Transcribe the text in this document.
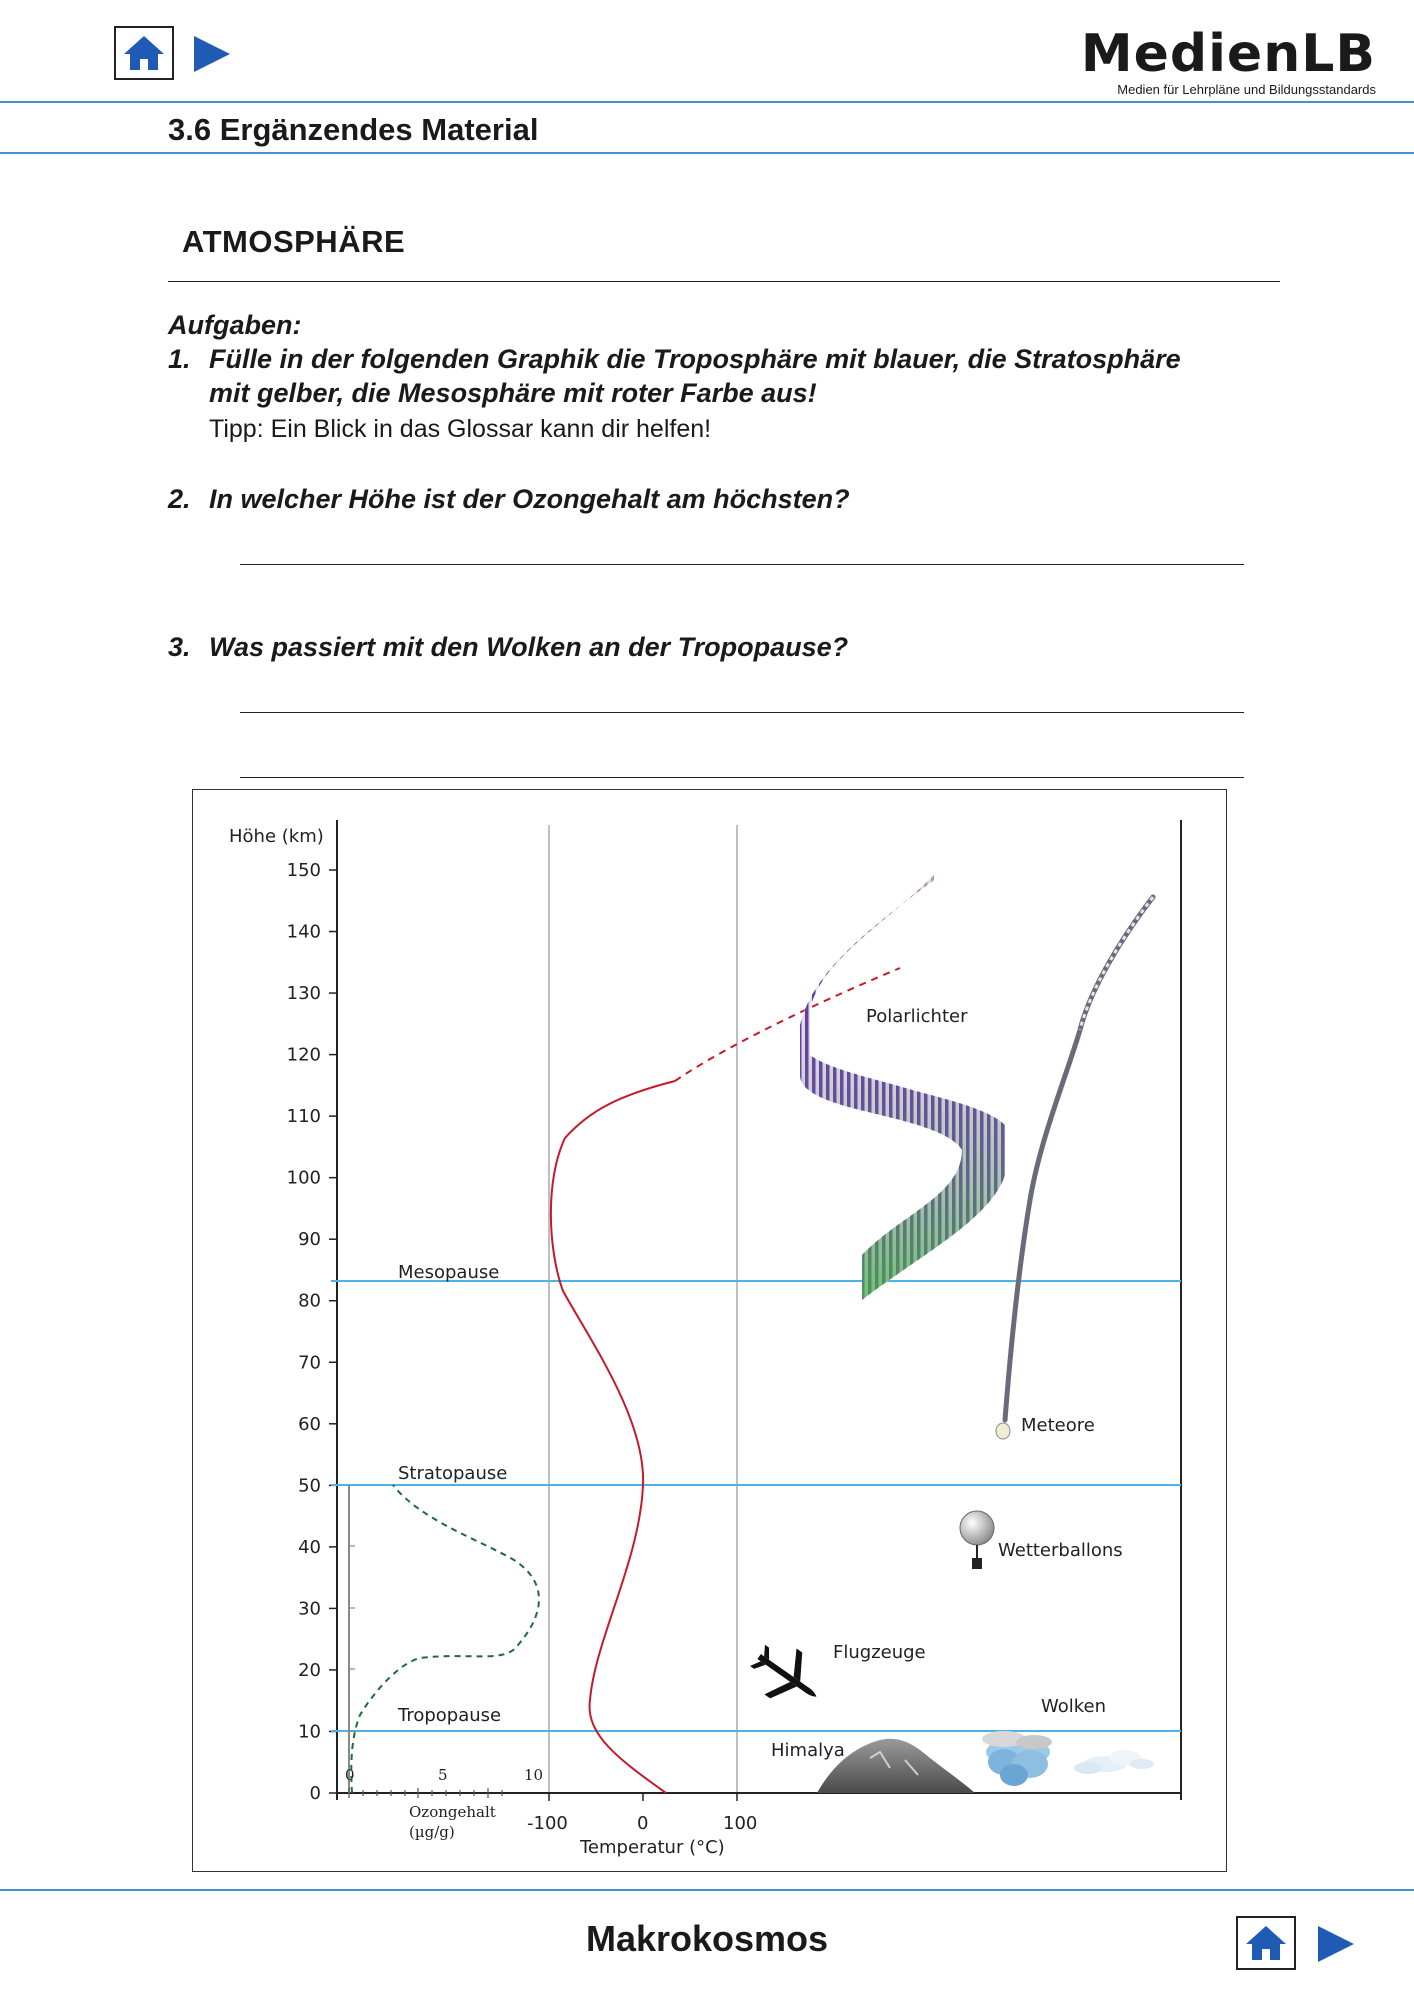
MedienLB
Medien für Lehrpläne und Bildungsstandards
3.6 Ergänzendes Material
ATMOSPHÄRE
Aufgaben:
1. Fülle in der folgenden Graphik die Troposphäre mit blauer, die Stratosphäre
mit gelber, die Mesosphäre mit roter Farbe aus!
Tipp: Ein Blick in das Glossar kann dir helfen!
2. In welcher Höhe ist der Ozongehalt am höchsten?
3. Was passiert mit den Wolken an der Tropopause?
Höhe (km)
150
140
130
120
110
100
90
80
70
60
50
40
30
20
10
0
Mesopause
Stratopause
Tropopause
0	5	10
Ozongehalt
(µg/g)	-100	0	100
Temperatur (°C)
Polarlichter
Meteore
Wetterballons
Flugzeuge
Wolken
Himalya
Makrokosmos
